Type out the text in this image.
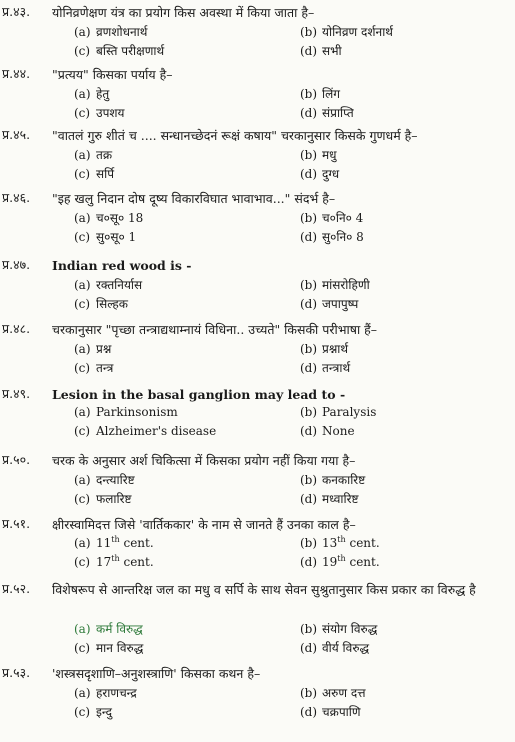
प्र.४३. योनिव्रणेक्षण यंत्र का प्रयोग किस अवस्था में किया जाता है–
(a) व्रणशोधनार्थ	(b) योनिव्रण दर्शनार्थ
(c) बस्ति परीक्षणार्थ	(d) सभी
प्र.४४. "प्रत्यय" किसका पर्याय है–
(a) हेतु	(b) लिंग
(c) उपशय	(d) संप्राप्ति
प्र.४५. "वातलं गुरु शीतं च .... सन्धानच्छेदनं रूक्षं कषाय" चरकानुसार किसके गुणधर्म है–
(a) तक्र	(b) मधु
(c) सर्पि	(d) दुग्ध
प्र.४६. "इह खलु निदान दोष दूष्य विकारविघात भावाभाव..." संदर्भ है–
(a) च०सू० 18	(b) च०नि० 4
(c) सु०सू० 1	(d) सु०नि० 8
प्र.४७. Indian red wood is -
(a) रक्तनिर्यास	(b) मांसरोहिणी
(c) सिल्हक	(d) जपापुष्प
प्र.४८. चरकानुसार "पृच्छा तन्त्राद्यथाम्नायं विधिना.. उच्यते" किसकी परीभाषा हैं–
(a) प्रश्न	(b) प्रश्नार्थ
(c) तन्त्र	(d) तन्त्रार्थ
प्र.४९. Lesion in the basal ganglion may lead to -
(a) Parkinsonism	(b) Paralysis
(c) Alzheimer's disease	(d) None
प्र.५०. चरक के अनुसार अर्श चिकित्सा में किसका प्रयोग नहीं किया गया है–
(a) दन्त्यारिष्ट	(b) कनकारिष्ट
(c) फलारिष्ट	(d) मध्वारिष्ट
प्र.५१. क्षीरस्वामिदत्त जिसे 'वार्तिककार' के नाम से जानते हैं उनका काल है–
(a) 11th cent.	(b) 13th cent.
(c) 17th cent.	(d) 19th cent.
प्र.५२. विशेषरूप से आन्तरिक्ष जल का मधु व सर्पि के साथ सेवन सुश्रुतानुसार किस प्रकार का विरुद्ध है
(a) कर्म विरुद्ध	(b) संयोग विरुद्ध
(c) मान विरुद्ध	(d) वीर्य विरुद्ध
प्र.५३. 'शस्त्रसदृशाणि–अनुशस्त्राणि' किसका कथन है–
(a) हराणचन्द्र	(b) अरुण दत्त
(c) इन्दु	(d) चक्रपाणि
